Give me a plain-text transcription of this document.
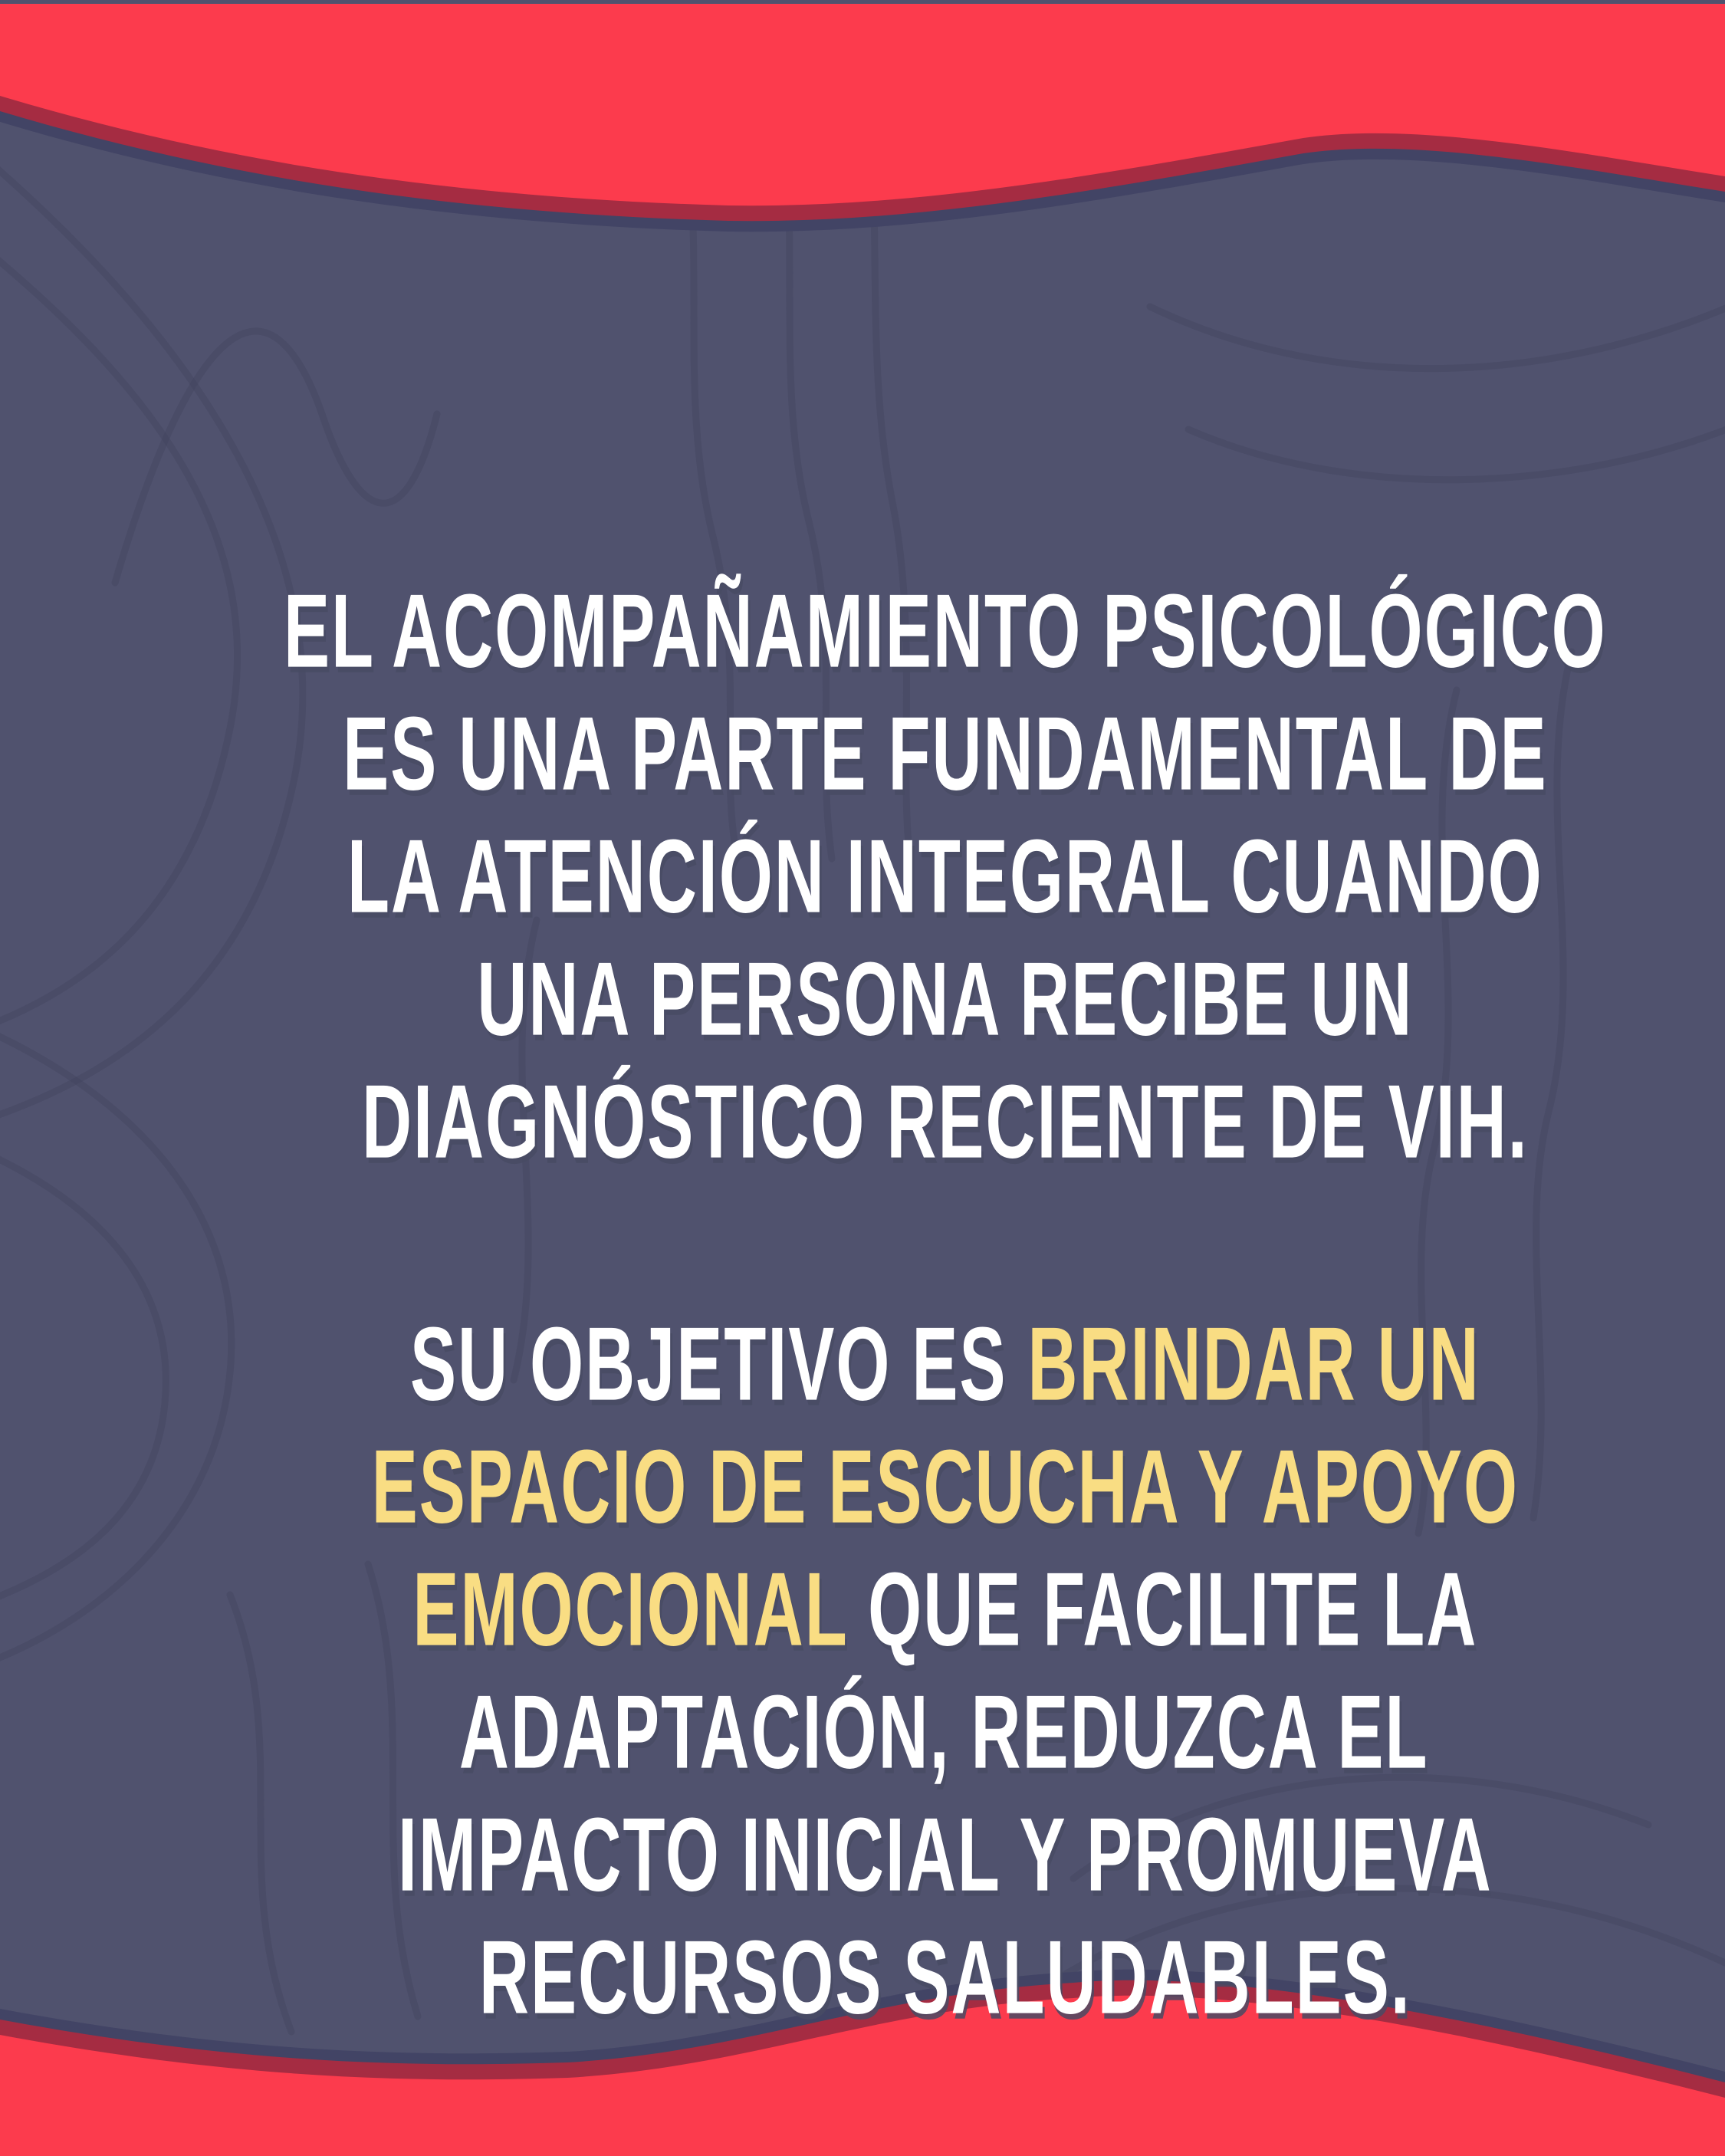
EL ACOMPAÑAMIENTO PSICOLÓGICO

ES UNA PARTE FUNDAMENTAL DE

LA ATENCIÓN INTEGRAL CUANDO

UNA PERSONA RECIBE UN

DIAGNÓSTICO RECIENTE DE VIH.

SU OBJETIVO ES BRINDAR UN

ESPACIO DE ESCUCHA Y APOYO

EMOCIONAL QUE FACILITE LA

ADAPTACIÓN, REDUZCA EL

IMPACTO INICIAL Y PROMUEVA

RECURSOS SALUDABLES.
